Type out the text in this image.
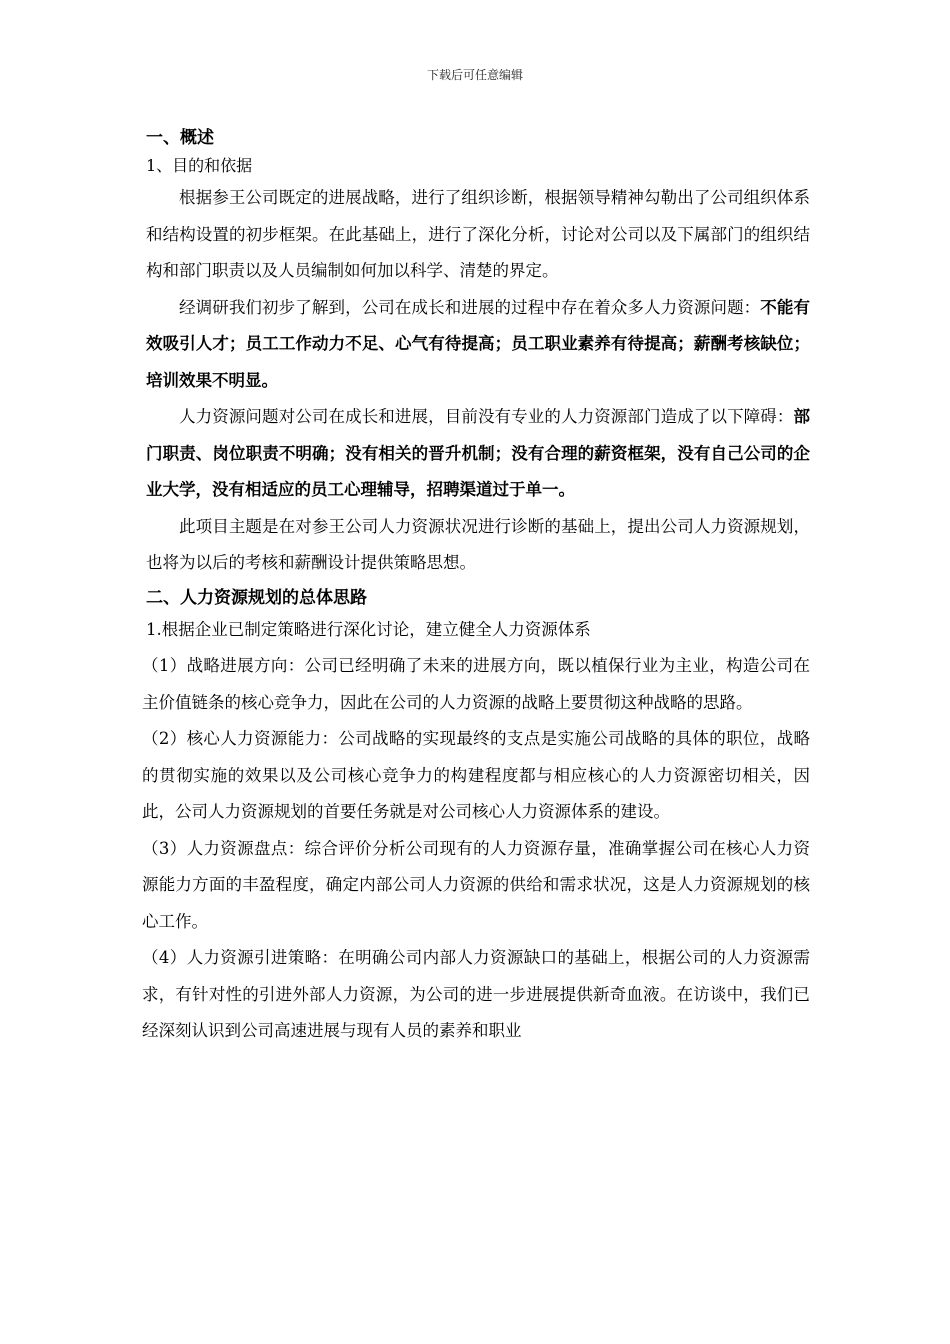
下载后可任意编辑
一、概述
1、目的和依据

根据参王公司既定的进展战略，进行了组织诊断，根据领导精神勾勒出了公司组织体系和结构设置的初步框架。在此基础上，进行了深化分析，讨论对公司以及下属部门的组织结构和部门职责以及人员编制如何加以科学、清楚的界定。

经调研我们初步了解到，公司在成长和进展的过程中存在着众多人力资源问题：不能有效吸引人才；员工工作动力不足、心气有待提高；员工职业素养有待提高；薪酬考核缺位；培训效果不明显。

人力资源问题对公司在成长和进展，目前没有专业的人力资源部门造成了以下障碍：部门职责、岗位职责不明确；没有相关的晋升机制；没有合理的薪资框架，没有自己公司的企业大学，没有相适应的员工心理辅导，招聘渠道过于单一。

此项目主题是在对参王公司人力资源状况进行诊断的基础上，提出公司人力资源规划，也将为以后的考核和薪酬设计提供策略思想。

二、人力资源规划的总体思路

1.根据企业已制定策略进行深化讨论，建立健全人力资源体系

（1）战略进展方向：公司已经明确了未来的进展方向，既以植保行业为主业，构造公司在主价值链条的核心竞争力，因此在公司的人力资源的战略上要贯彻这种战略的思路。

（2）核心人力资源能力：公司战略的实现最终的支点是实施公司战略的具体的职位，战略的贯彻实施的效果以及公司核心竞争力的构建程度都与相应核心的人力资源密切相关，因此，公司人力资源规划的首要任务就是对公司核心人力资源体系的建设。

（3）人力资源盘点：综合评价分析公司现有的人力资源存量，准确掌握公司在核心人力资源能力方面的丰盈程度，确定内部公司人力资源的供给和需求状况，这是人力资源规划的核心工作。

（4）人力资源引进策略：在明确公司内部人力资源缺口的基础上，根据公司的人力资源需求，有针对性的引进外部人力资源，为公司的进一步进展提供新奇血液。在访谈中，我们已经深刻认识到公司高速进展与现有人员的素养和职业
